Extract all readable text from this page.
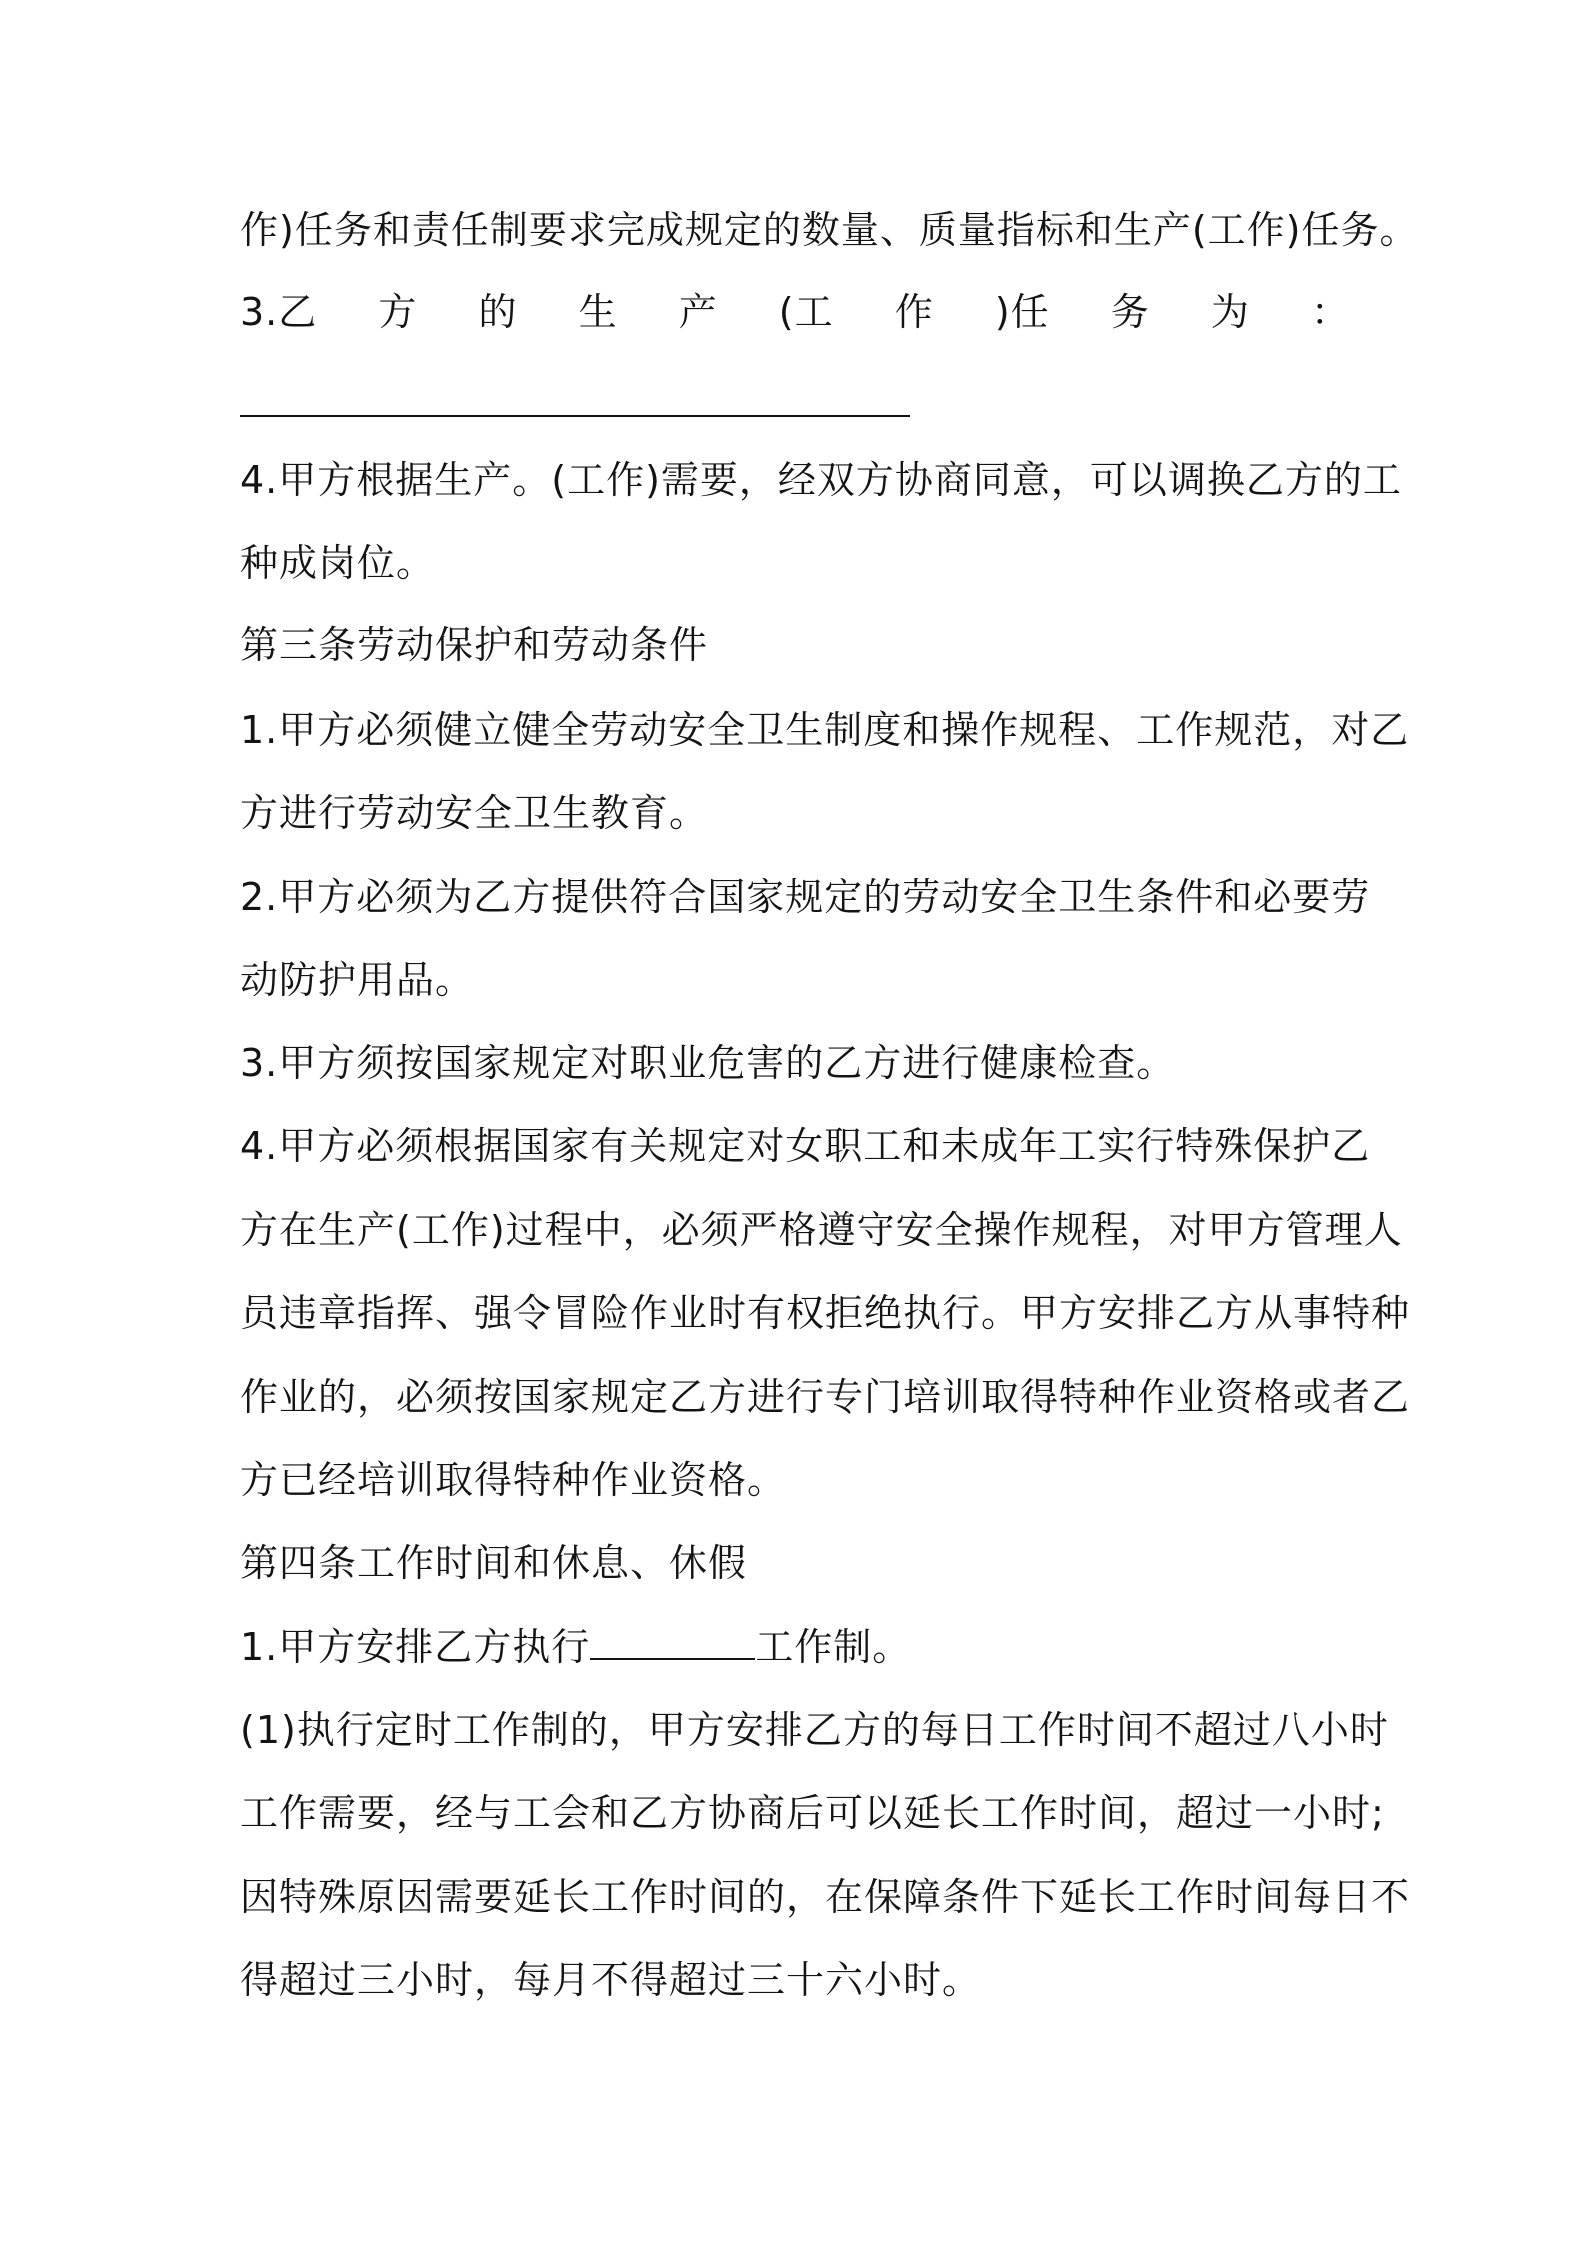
作)任务和责任制要求完成规定的数量、质量指标和生产(工作)任务。
3.乙 方 的 生 产 (工 作 )任 务 为 ：
4.甲方根据生产。(工作)需要，经双方协商同意，可以调换乙方的工
种成岗位。
第三条劳动保护和劳动条件
1.甲方必须健立健全劳动安全卫生制度和操作规程、工作规范，对乙
方进行劳动安全卫生教育。
2.甲方必须为乙方提供符合国家规定的劳动安全卫生条件和必要劳
动防护用品。
3.甲方须按国家规定对职业危害的乙方进行健康检查。
4.甲方必须根据国家有关规定对女职工和未成年工实行特殊保护乙
方在生产(工作)过程中，必须严格遵守安全操作规程，对甲方管理人
员违章指挥、强令冒险作业时有权拒绝执行。甲方安排乙方从事特种
作业的，必须按国家规定乙方进行专门培训取得特种作业资格或者乙
方已经培训取得特种作业资格。
第四条工作时间和休息、休假
1.甲方安排乙方执行	工作制。
(1)执行定时工作制的，甲方安排乙方的每日工作时间不超过八小时
工作需要，经与工会和乙方协商后可以延长工作时间，超过一小时;
因特殊原因需要延长工作时间的，在保障条件下延长工作时间每日不
得超过三小时，每月不得超过三十六小时。
